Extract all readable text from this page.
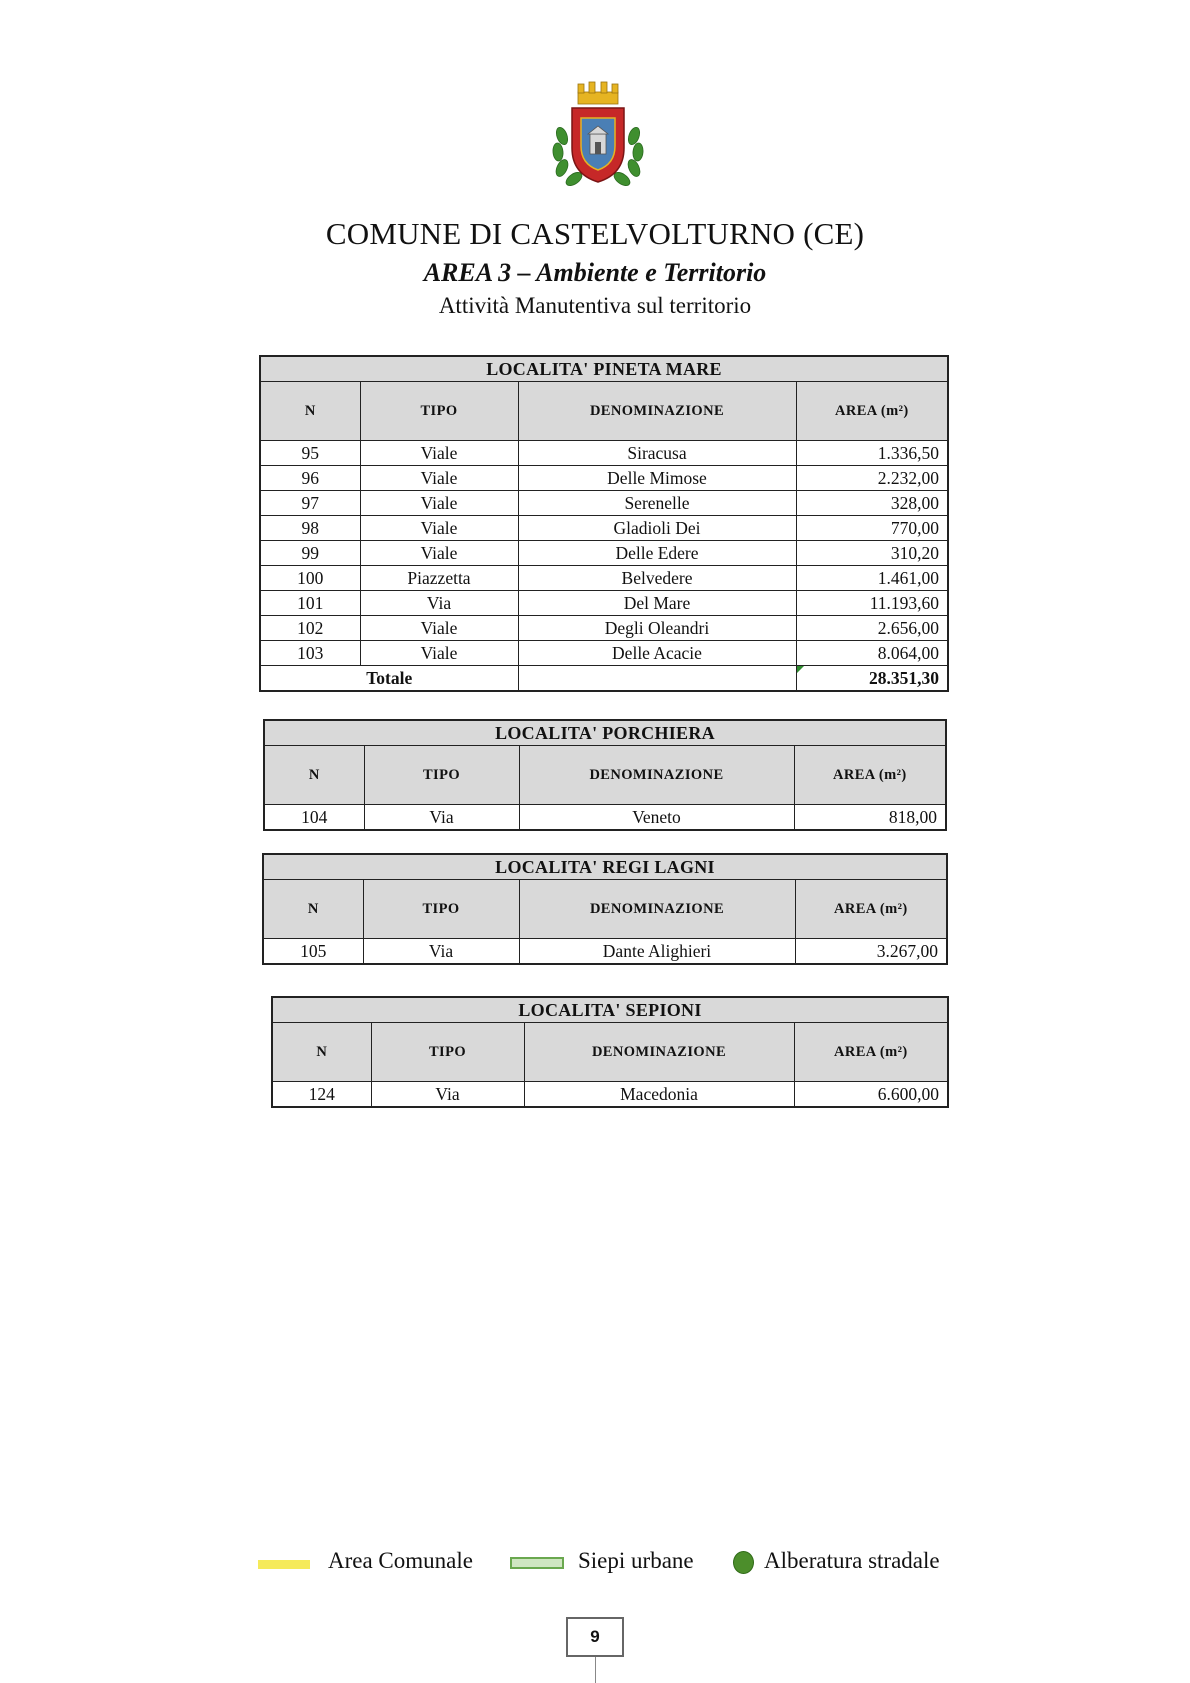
COMUNE DI CASTELVOLTURNO (CE)
AREA 3 – Ambiente e Territorio
Attività Manutentiva sul territorio
LOCALITA' PINETA MARE			
N	TIPO	DENOMINAZIONE	AREA (m²)
95	Viale	Siracusa	1.336,50
96	Viale	Delle Mimose	2.232,00
97	Viale	Serenelle	328,00
98	Viale	Gladioli Dei	770,00
99	Viale	Delle Edere	310,20
100	Piazzetta	Belvedere	1.461,00
101	Via	Del Mare	11.193,60
102	Viale	Degli Oleandri	2.656,00
103	Viale	Delle Acacie	8.064,00
Totale			28.351,30
LOCALITA' PORCHIERA			
N	TIPO	DENOMINAZIONE	AREA (m²)
104	Via	Veneto	818,00
LOCALITA' REGI LAGNI			
N	TIPO	DENOMINAZIONE	AREA (m²)
105	Via	Dante Alighieri	3.267,00
LOCALITA' SEPIONI			
N	TIPO	DENOMINAZIONE	AREA (m²)
124	Via	Macedonia	6.600,00
Area Comunale	Siepi urbane	Alberatura stradale
9
